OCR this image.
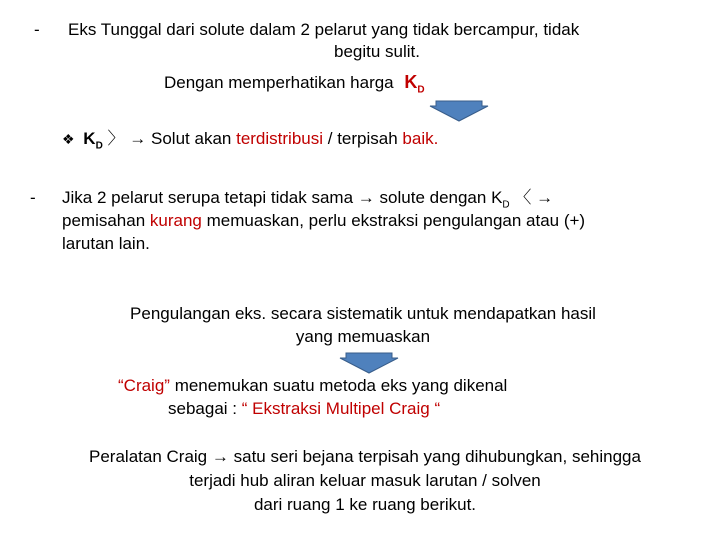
- Eks Tunggal dari solute dalam 2 pelarut yang tidak bercampur, tidak
begitu sulit.
Dengan memperhatikan harga $K_D$
❖ $K_D$ 〉 → Solut akan terdistribusi / terpisah baik.
- Jika 2 pelarut serupa tetapi tidak sama → solute dengan $K_D$ 〈 →
pemisahan kurang memuaskan, perlu ekstraksi pengulangan atau (+)
larutan lain.
Pengulangan eks. secara sistematik untuk mendapatkan hasil
yang memuaskan
“Craig” menemukan suatu metoda eks yang dikenal
sebagai : “ Ekstraksi Multipel Craig “
Peralatan Craig → satu seri bejana terpisah yang dihubungkan, sehingga
terjadi hub aliran keluar masuk larutan / solven
dari ruang 1 ke ruang berikut.
